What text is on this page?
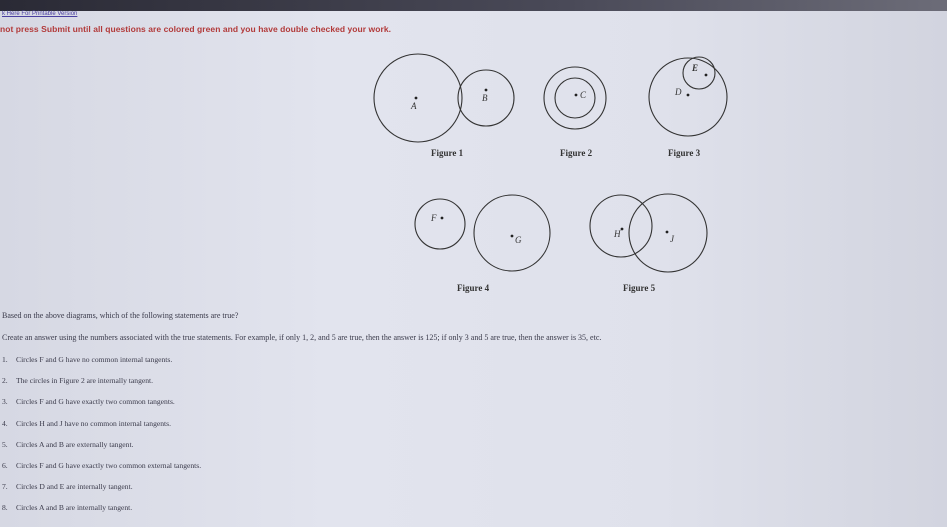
k Here For Printable Version
not press Submit until all questions are colored green and you have double checked your work.
A
B	C	D
E
F
G
H	J
Figure 1	Figure 2	Figure 3
Figure 4	Figure 5
Based on the above diagrams, which of the following statements are true?
Create an answer using the numbers associated with the true statements. For example, if only 1, 2, and 5 are true, then the answer is 125; if only 3 and 5 are true, then the answer is 35, etc.
1. Circles F and G have no common internal tangents.
2. The circles in Figure 2 are internally tangent.
3. Circles F and G have exactly two common tangents.
4. Circles H and J have no common internal tangents.
5. Circles A and B are externally tangent.
6. Circles F and G have exactly two common external tangents.
7. Circles D and E are internally tangent.
8. Circles A and B are internally tangent.
